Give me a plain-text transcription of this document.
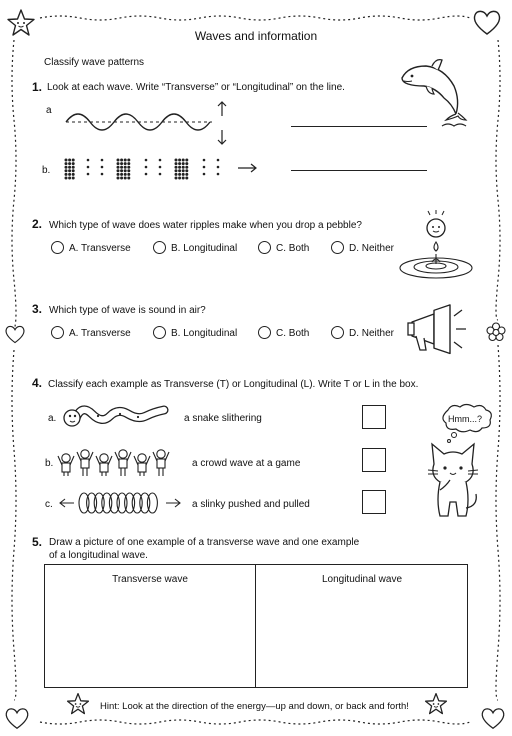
Waves and information
Classify wave patterns
1. Look at each wave. Write “Transverse” or “Longitudinal” on the line.
a
b.
2. Which type of wave does water ripples make when you drop a pebble?
A. Transverse	B. Longitudinal	C. Both	D. Neither
3. Which type of wave is sound in air?
A. Transverse	B. Longitudinal	C. Both	D. Neither
4. Classify each example as Transverse (T) or Longitudinal (L). Write T or L in the box.
a.	a snake slithering
b.	a crowd wave at a game
c.	a slinky pushed and pulled
Hmm...?
5. Draw a picture of one example of a transverse wave and one example
of a longitudinal wave.
Transverse wave	Longitudinal wave
Hint: Look at the direction of the energy—up and down, or back and forth!
